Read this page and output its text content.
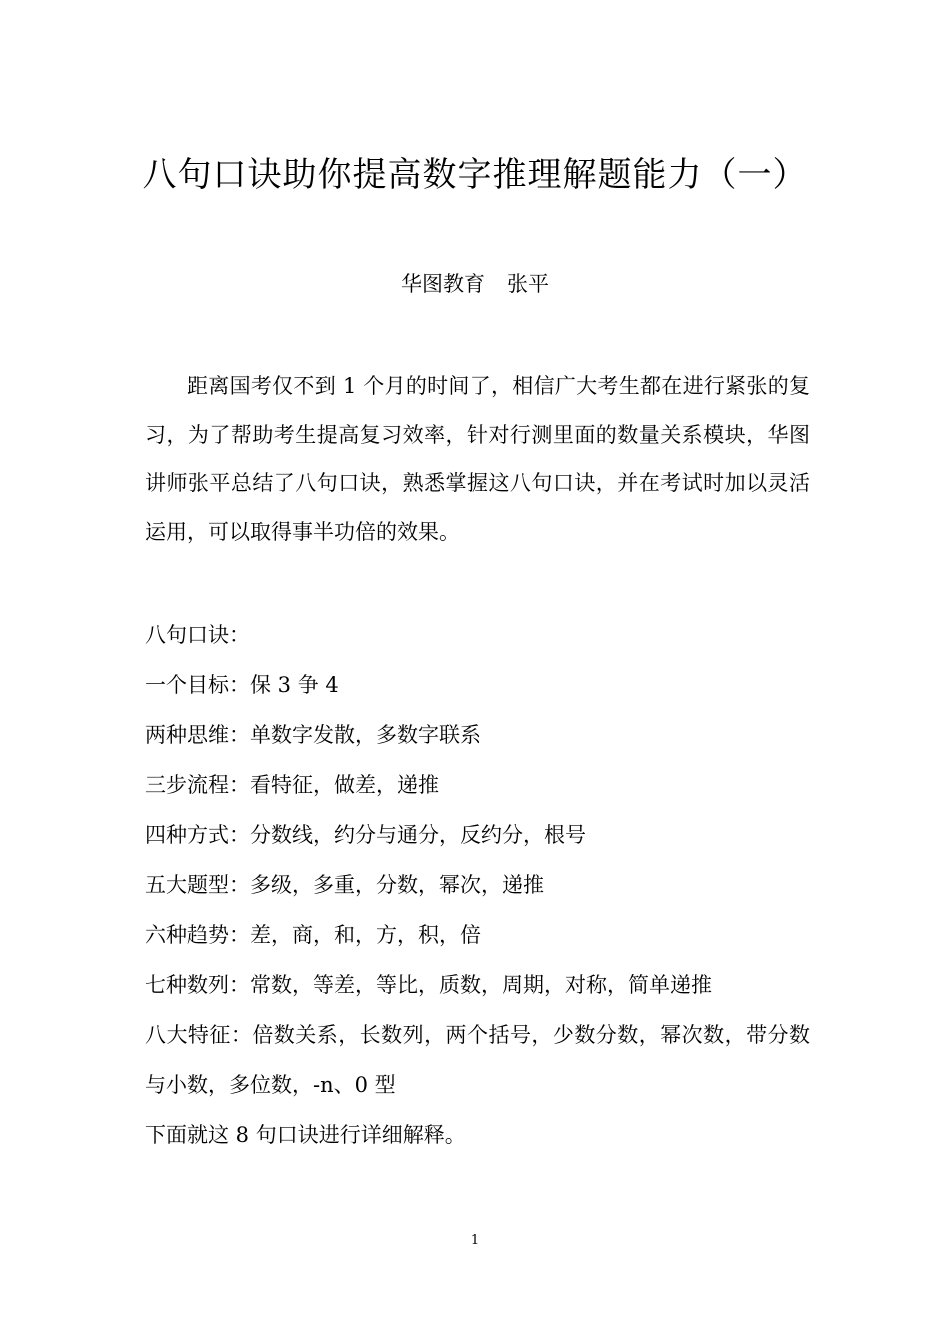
八句口诀助你提高数字推理解题能力（一）
华图教育 张平

距离国考仅不到 1 个月的时间了，相信广大考生都在进行紧张的复习，为了帮助考生提高复习效率，针对行测里面的数量关系模块，华图讲师张平总结了八句口诀，熟悉掌握这八句口诀，并在考试时加以灵活运用，可以取得事半功倍的效果。

八句口诀：
一个目标：保 3 争 4
两种思维：单数字发散，多数字联系
三步流程：看特征，做差，递推
四种方式：分数线，约分与通分，反约分，根号
五大题型：多级，多重，分数，幂次，递推
六种趋势：差，商，和，方，积，倍
七种数列：常数，等差，等比，质数，周期，对称，简单递推
八大特征：倍数关系，长数列，两个括号，少数分数，幂次数，带分数与小数，多位数，-n、0 型
下面就这 8 句口诀进行详细解释。
1
